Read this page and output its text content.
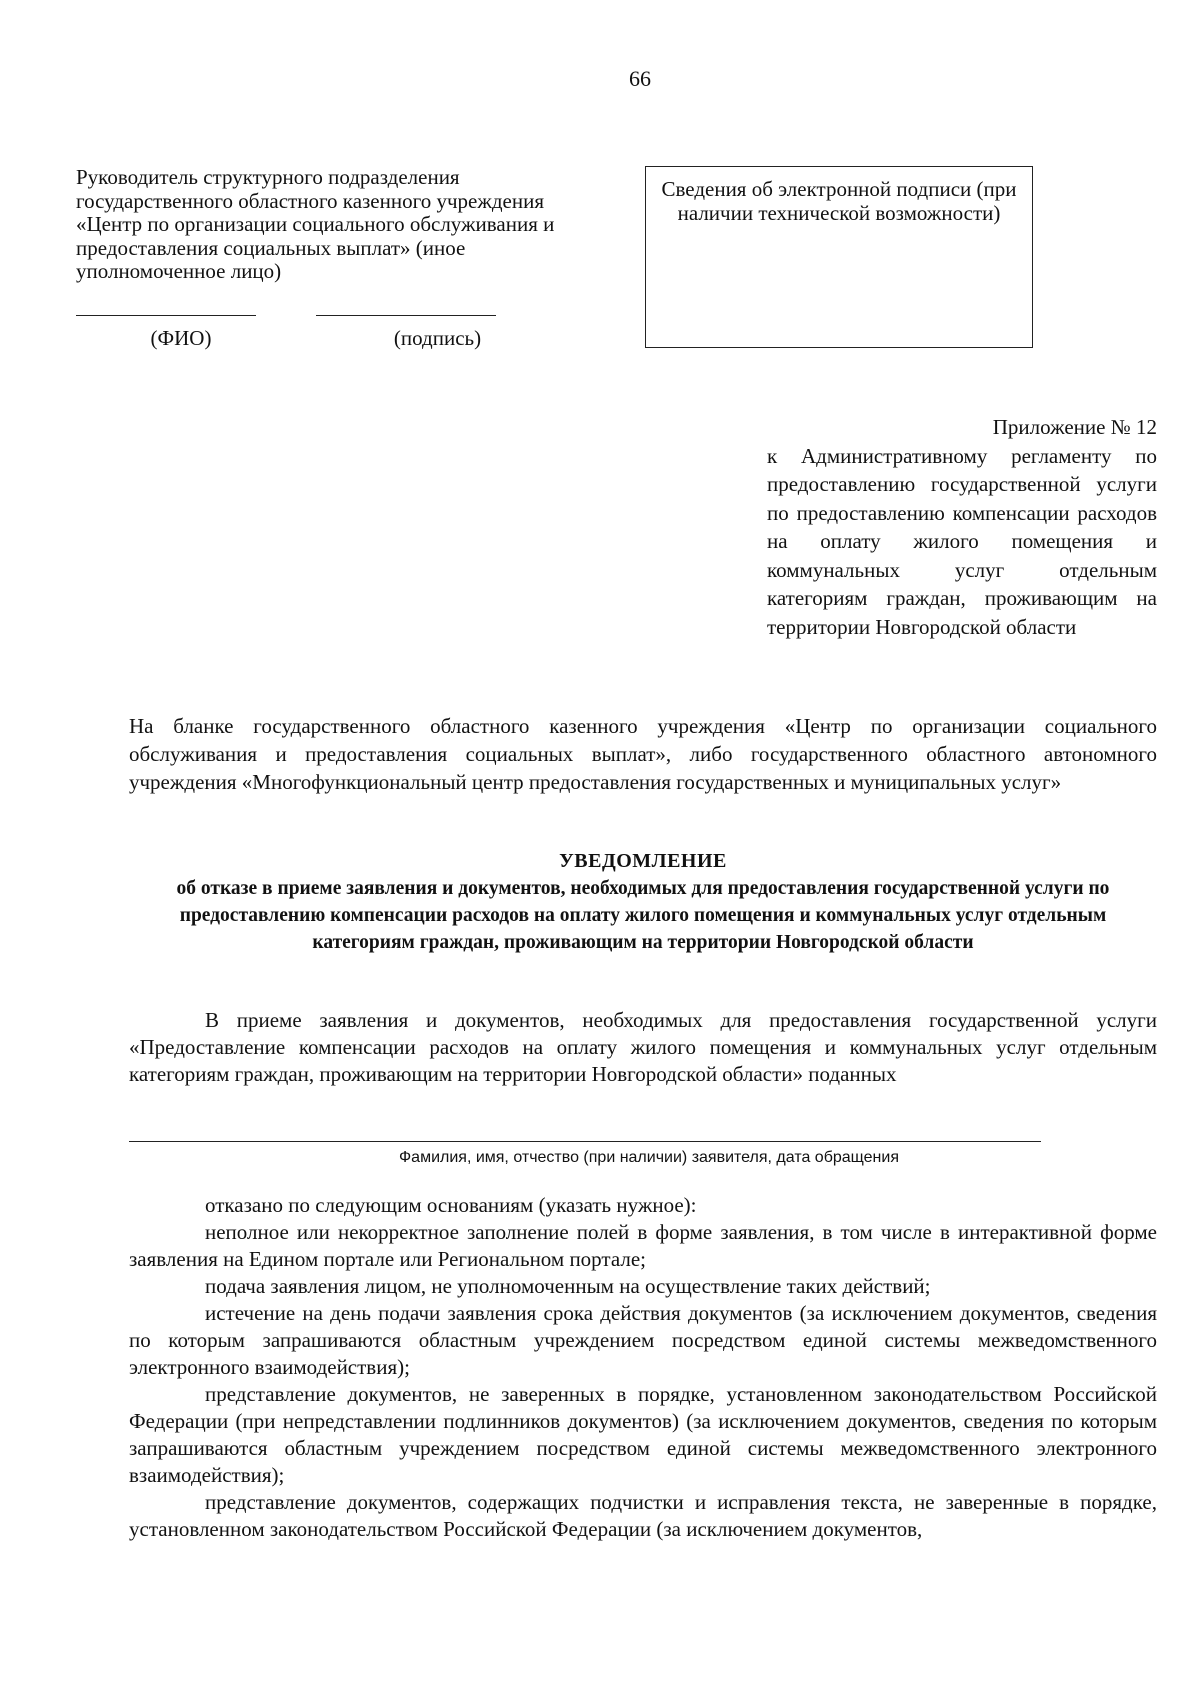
66
Руководитель структурного подразделения государственного областного казенного учреждения «Центр по организации социального обслуживания и предоставления социальных выплат» (иное уполномоченное лицо)
(ФИО)	(подпись)
Сведения об электронной подписи (при наличии технической возможности)
Приложение № 12
к Административному регламенту по предоставлению государственной услуги по предоставлению компенсации расходов на оплату жилого помещения и коммунальных услуг отдельным категориям граждан, проживающим на территории Новгородской области
На бланке государственного областного казенного учреждения «Центр по организации социального обслуживания и предоставления социальных выплат», либо государственного областного автономного учреждения «Многофункциональный центр предоставления государственных и муниципальных услуг»
УВЕДОМЛЕНИЕ
об отказе в приеме заявления и документов, необходимых для предоставления государственной услуги по предоставлению компенсации расходов на оплату жилого помещения и коммунальных услуг отдельным категориям граждан, проживающим на территории Новгородской области
В приеме заявления и документов, необходимых для предоставления государственной услуги «Предоставление компенсации расходов на оплату жилого помещения и коммунальных услуг отдельным категориям граждан, проживающим на территории Новгородской области» поданных
Фамилия, имя, отчество (при наличии) заявителя, дата обращения

отказано по следующим основаниям (указать нужное):

неполное или некорректное заполнение полей в форме заявления, в том числе в интерактивной форме заявления на Едином портале или Региональном портале;

подача заявления лицом, не уполномоченным на осуществление таких действий;

истечение на день подачи заявления срока действия документов (за исключением документов, сведения по которым запрашиваются областным учреждением посредством единой системы межведомственного электронного взаимодействия);

представление документов, не заверенных в порядке, установленном законодательством Российской Федерации (при непредставлении подлинников документов) (за исключением документов, сведения по которым запрашиваются областным учреждением посредством единой системы межведомственного электронного взаимодействия);

представление документов, содержащих подчистки и исправления текста, не заверенные в порядке, установленном законодательством Российской Федерации (за исключением документов,
